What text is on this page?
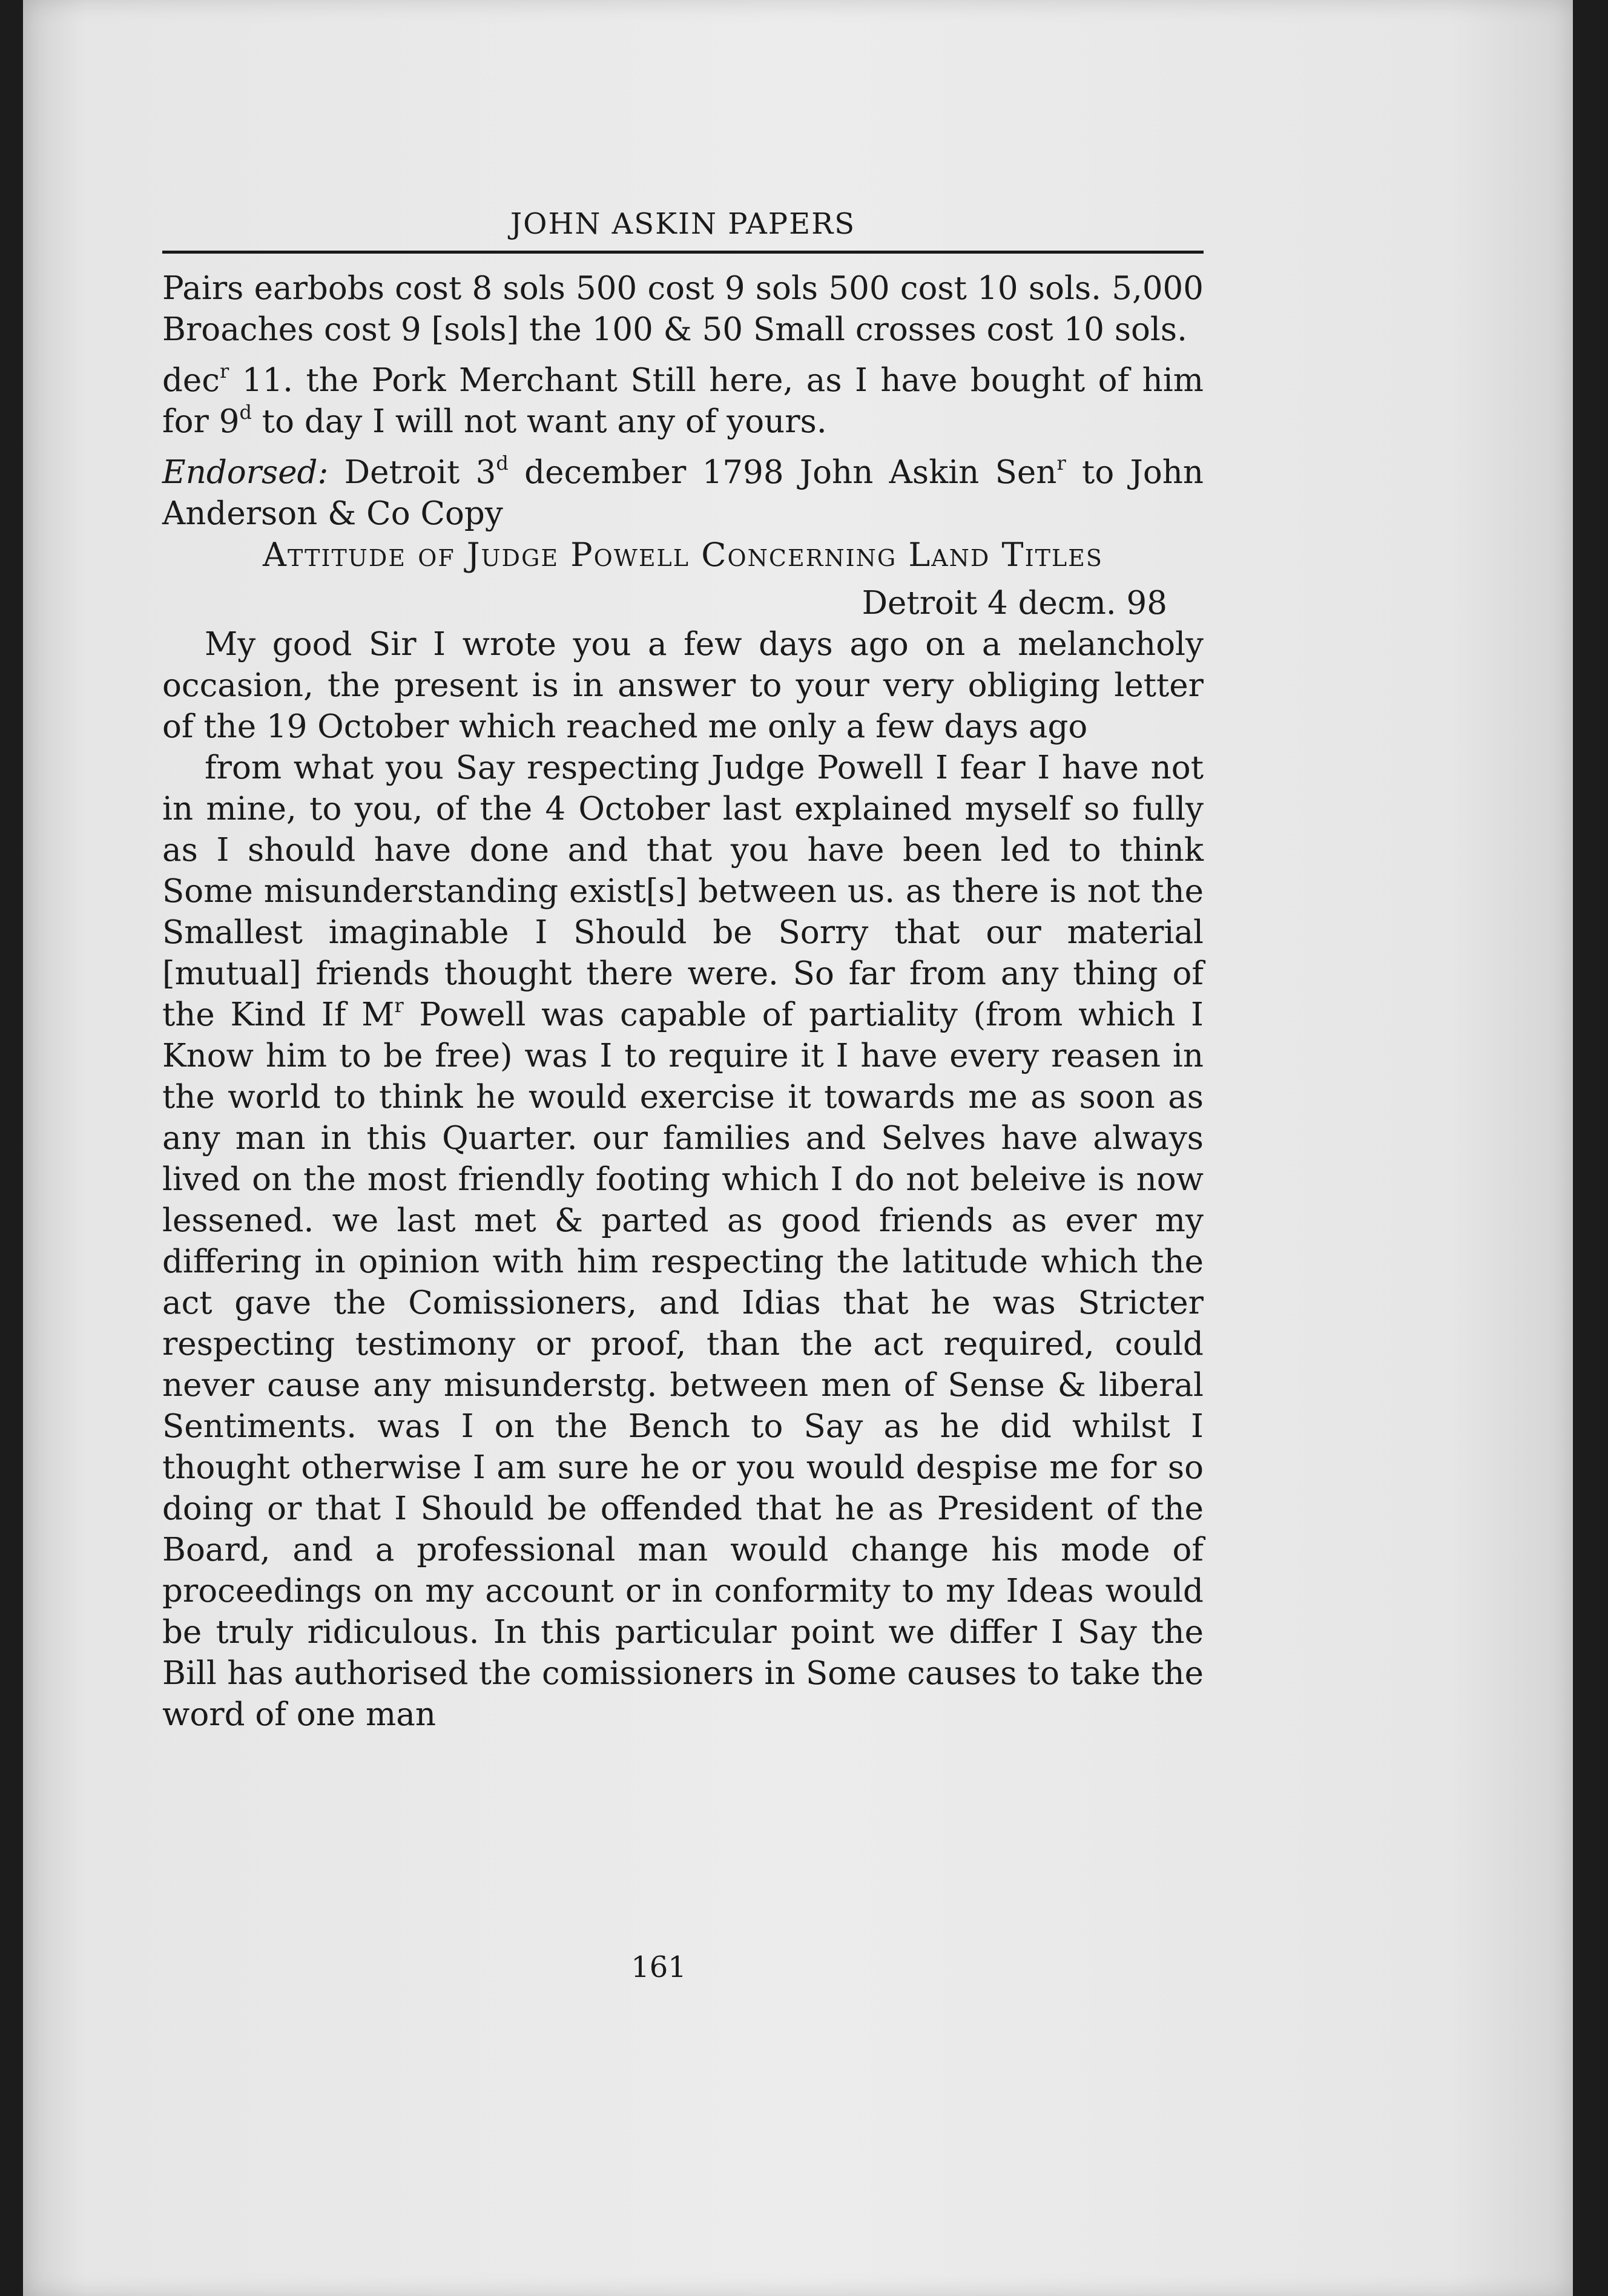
JOHN ASKIN PAPERS

Pairs earbobs cost 8 sols 500 cost 9 sols 500 cost 10 sols. 5,000 Broaches cost 9 [sols] the 100 & 50 Small crosses cost 10 sols.

dec$^r$ 11. the Pork Merchant Still here, as I have bought of him for 9$^d$ to day I will not want any of yours.

Endorsed: Detroit 3$^d$ december 1798 John Askin Sen$^r$ to John Anderson & Co Copy

Attitude of Judge Powell Concerning Land Titles

Detroit 4 decm. 98

My good Sir I wrote you a few days ago on a melancholy occasion, the present is in answer to your very obliging letter of the 19 October which reached me only a few days ago

from what you Say respecting Judge Powell I fear I have not in mine, to you, of the 4 October last explained myself so fully as I should have done and that you have been led to think Some misunderstanding exist[s] between us. as there is not the Smallest imaginable I Should be Sorry that our material [mutual] friends thought there were. So far from any thing of the Kind If $M^r$ Powell was capable of partiality (from which I Know him to be free) was I to require it I have every reasen in the world to think he would exercise it towards me as soon as any man in this Quarter. our families and Selves have always lived on the most friendly footing which I do not beleive is now lessened. we last met & parted as good friends as ever my differing in opinion with him respecting the latitude which the act gave the Comissioners, and Idias that he was Stricter respecting testimony or proof, than the act required, could never cause any misunderstg. between men of Sense & liberal Sentiments. was I on the Bench to Say as he did whilst I thought otherwise I am sure he or you would despise me for so doing or that I Should be offended that he as President of the Board, and a professional man would change his mode of proceedings on my account or in conformity to my Ideas would be truly ridiculous. In this particular point we differ I Say the Bill has authorised the comissioners in Some causes to take the word of one man

161
